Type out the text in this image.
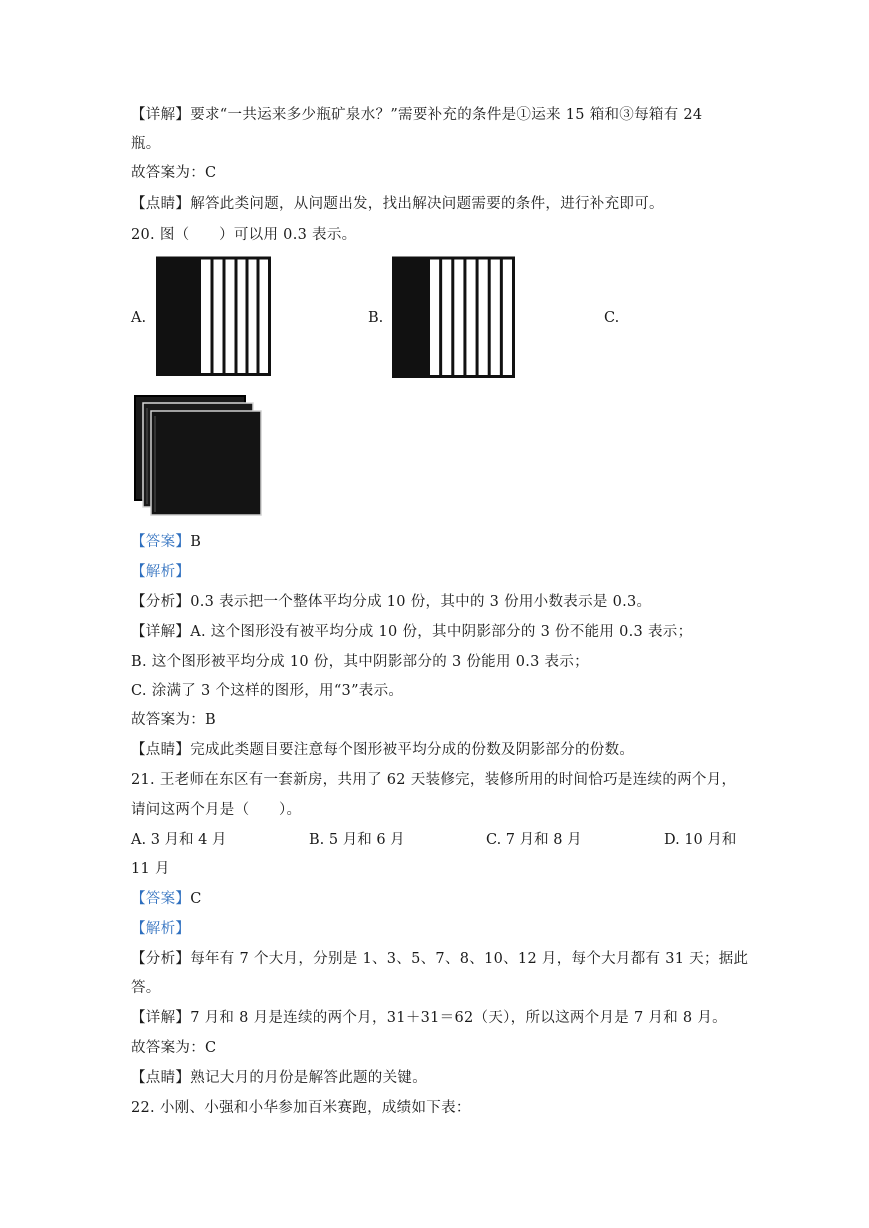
【详解】要求“一共运来多少瓶矿泉水？”需要补充的条件是①运来 15 箱和③每箱有 24
瓶。
故答案为：C
【点睛】解答此类问题，从问题出发，找出解决问题需要的条件，进行补充即可。
20. 图（　　）可以用 0.3 表示。
A.	B.	C.
【答案】B
【解析】
【分析】0.3 表示把一个整体平均分成 10 份，其中的 3 份用小数表示是 0.3。
【详解】A. 这个图形没有被平均分成 10 份，其中阴影部分的 3 份不能用 0.3 表示；
B. 这个图形被平均分成 10 份，其中阴影部分的 3 份能用 0.3 表示；
C. 涂满了 3 个这样的图形，用“3”表示。
故答案为：B
【点睛】完成此类题目要注意每个图形被平均分成的份数及阴影部分的份数。
21. 王老师在东区有一套新房，共用了 62 天装修完，装修所用的时间恰巧是连续的两个月，
请问这两个月是（　　）。
A. 3 月和 4 月	B. 5 月和 6 月	C. 7 月和 8 月	D. 10 月和
11 月
【答案】C
【解析】
【分析】每年有 7 个大月，分别是 1、3、5、7、8、10、12 月，每个大月都有 31 天；据此
答。
【详解】7 月和 8 月是连续的两个月，31＋31＝62（天），所以这两个月是 7 月和 8 月。
故答案为：C
【点睛】熟记大月的月份是解答此题的关键。
22. 小刚、小强和小华参加百米赛跑，成绩如下表：
